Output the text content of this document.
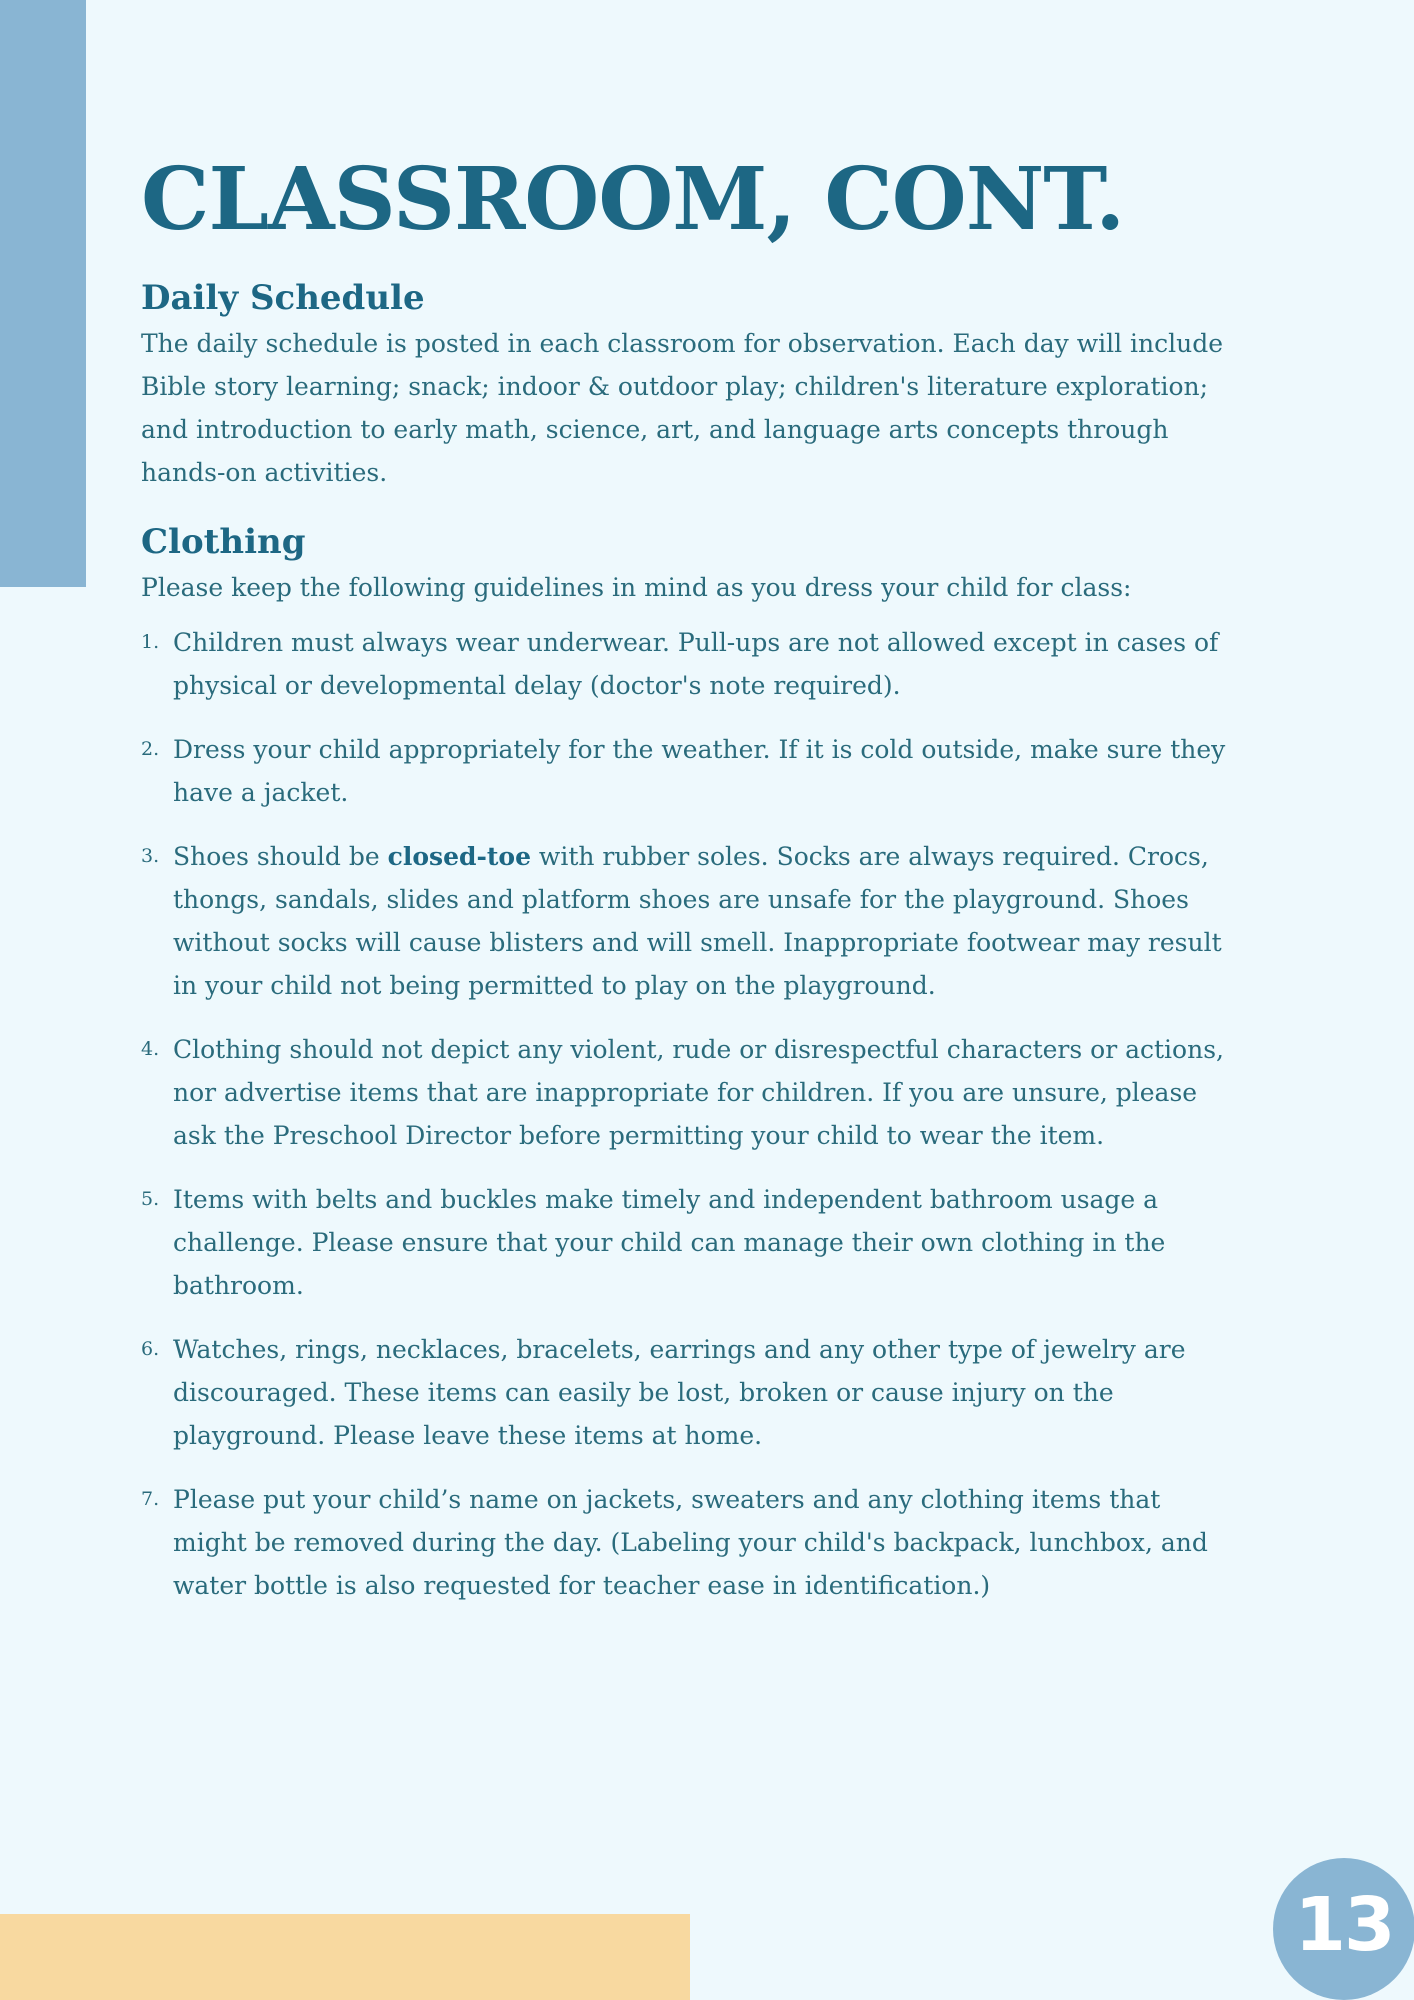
CLASSROOM, CONT.
Daily Schedule

The daily schedule is posted in each classroom for observation. Each day will include Bible story learning; snack; indoor & outdoor play; children's literature exploration; and introduction to early math, science, art, and language arts concepts through hands-on activities.

Clothing

Please keep the following guidelines in mind as you dress your child for class:

1. Children must always wear underwear. Pull-ups are not allowed except in cases of physical or developmental delay (doctor's note required).
2. Dress your child appropriately for the weather. If it is cold outside, make sure they have a jacket.
3. Shoes should be closed-toe with rubber soles. Socks are always required. Crocs, thongs, sandals, slides and platform shoes are unsafe for the playground. Shoes without socks will cause blisters and will smell. Inappropriate footwear may result in your child not being permitted to play on the playground.
4. Clothing should not depict any violent, rude or disrespectful characters or actions, nor advertise items that are inappropriate for children. If you are unsure, please ask the Preschool Director before permitting your child to wear the item.
5. Items with belts and buckles make timely and independent bathroom usage a challenge. Please ensure that your child can manage their own clothing in the bathroom.
6. Watches, rings, necklaces, bracelets, earrings and any other type of jewelry are discouraged. These items can easily be lost, broken or cause injury on the playground. Please leave these items at home.
7. Please put your child’s name on jackets, sweaters and any clothing items that might be removed during the day. (Labeling your child's backpack, lunchbox, and water bottle is also requested for teacher ease in identification.)
13
